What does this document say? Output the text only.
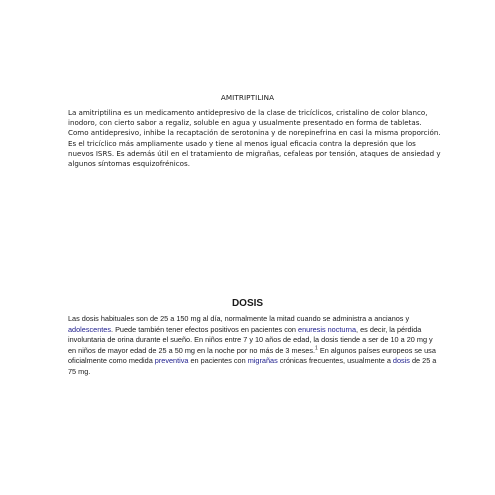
AMITRIPTILINA

La amitriptilina es un medicamento antidepresivo de la clase de tricíclicos, cristalino de color blanco, inodoro, con cierto sabor a regaliz, soluble en agua y usualmente presentado en forma de tabletas. Como antidepresivo, inhibe la recaptación de serotonina y de norepinefrina en casi la misma proporción. Es el tricíclico más ampliamente usado y tiene al menos igual eficacia contra la depresión que los nuevos ISRS. Es además útil en el tratamiento de migrañas, cefaleas por tensión, ataques de ansiedad y algunos síntomas esquizofrénicos.

DOSIS

Las dosis habituales son de 25 a 150 mg al día, normalmente la mitad cuando se administra a ancianos y adolescentes. Puede también tener efectos positivos en pacientes con enuresis nocturna, es decir, la pérdida involuntaria de orina durante el sueño. En niños entre 7 y 10 años de edad, la dosis tiende a ser de 10 a 20 mg y en niños de mayor edad de 25 a 50 mg en la noche por no más de 3 meses.$^1$ En algunos países europeos se usa oficialmente como medida preventiva en pacientes con migrañas crónicas frecuentes, usualmente a dosis de 25 a 75 mg.
